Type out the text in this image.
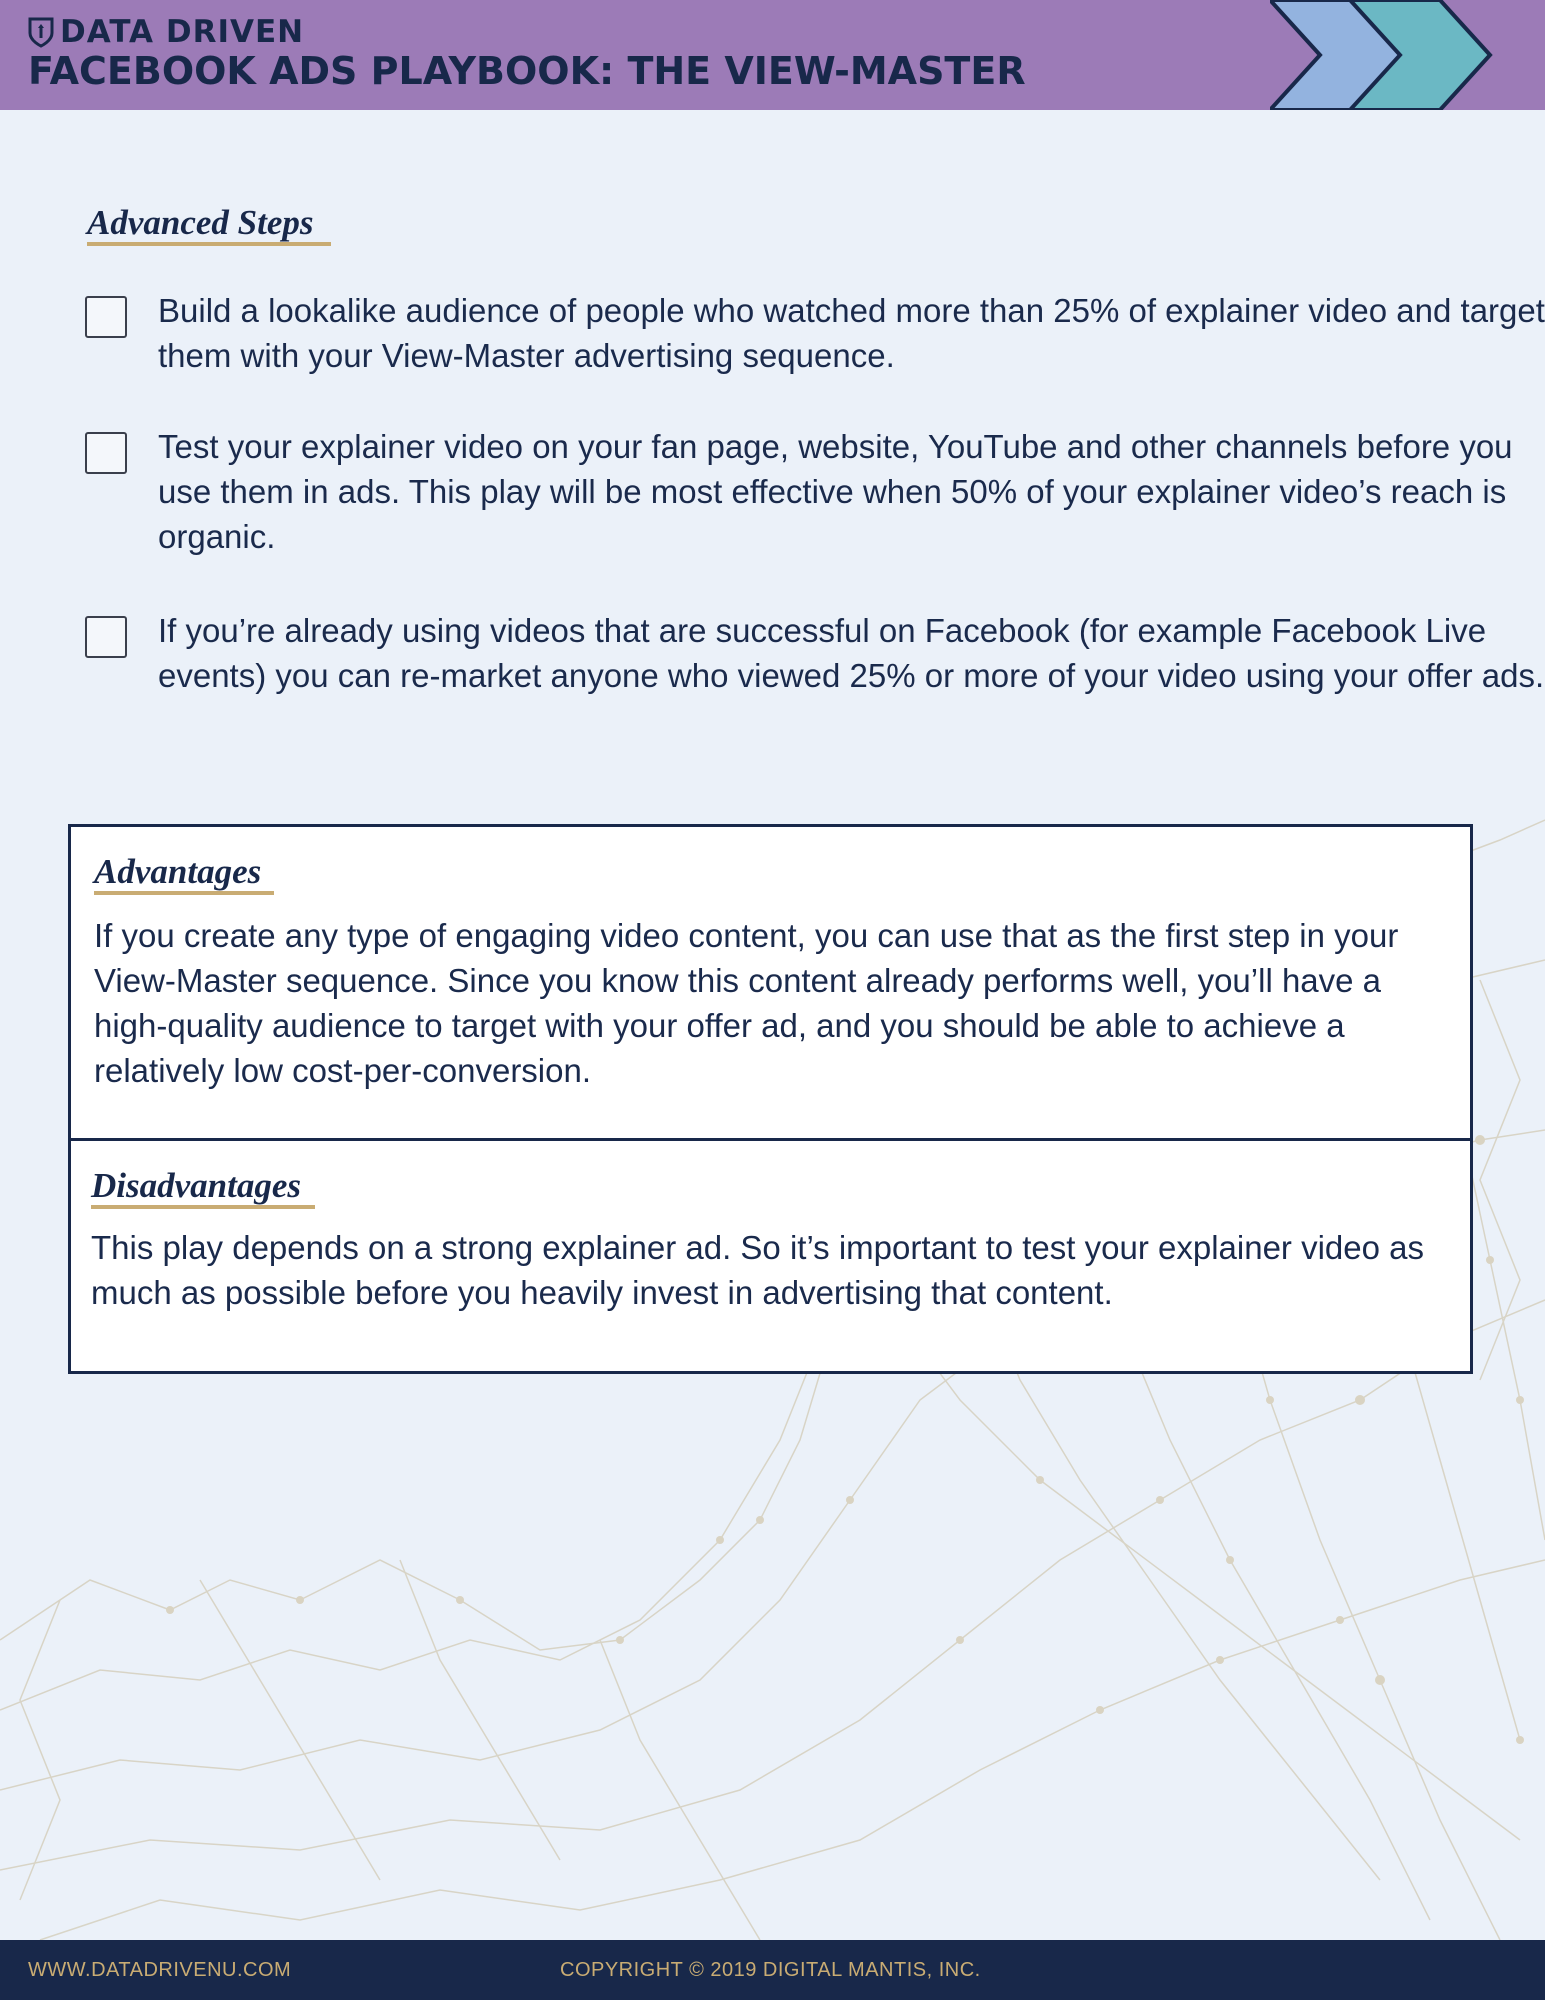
DATA DRIVEN
FACEBOOK ADS PLAYBOOK: THE VIEW-MASTER
Advanced Steps
Build a lookalike audience of people who watched more than 25% of explainer video and target them with your View-Master advertising sequence.
Test your explainer video on your fan page, website, YouTube and other channels before you use them in ads. This play will be most effective when 50% of your explainer video’s reach is organic.
If you’re already using videos that are successful on Facebook (for example Facebook Live events) you can re-market anyone who viewed 25% or more of your video using your offer ads.
Advantages
If you create any type of engaging video content, you can use that as the first step in your View-Master sequence. Since you know this content already performs well, you’ll have a high-quality audience to target with your offer ad, and you should be able to achieve a relatively low cost-per-conversion.
Disadvantages
This play depends on a strong explainer ad. So it’s important to test your explainer video as much as possible before you heavily invest in advertising that content.
WWW.DATADRIVENU.COM	COPYRIGHT © 2019 DIGITAL MANTIS, INC.
